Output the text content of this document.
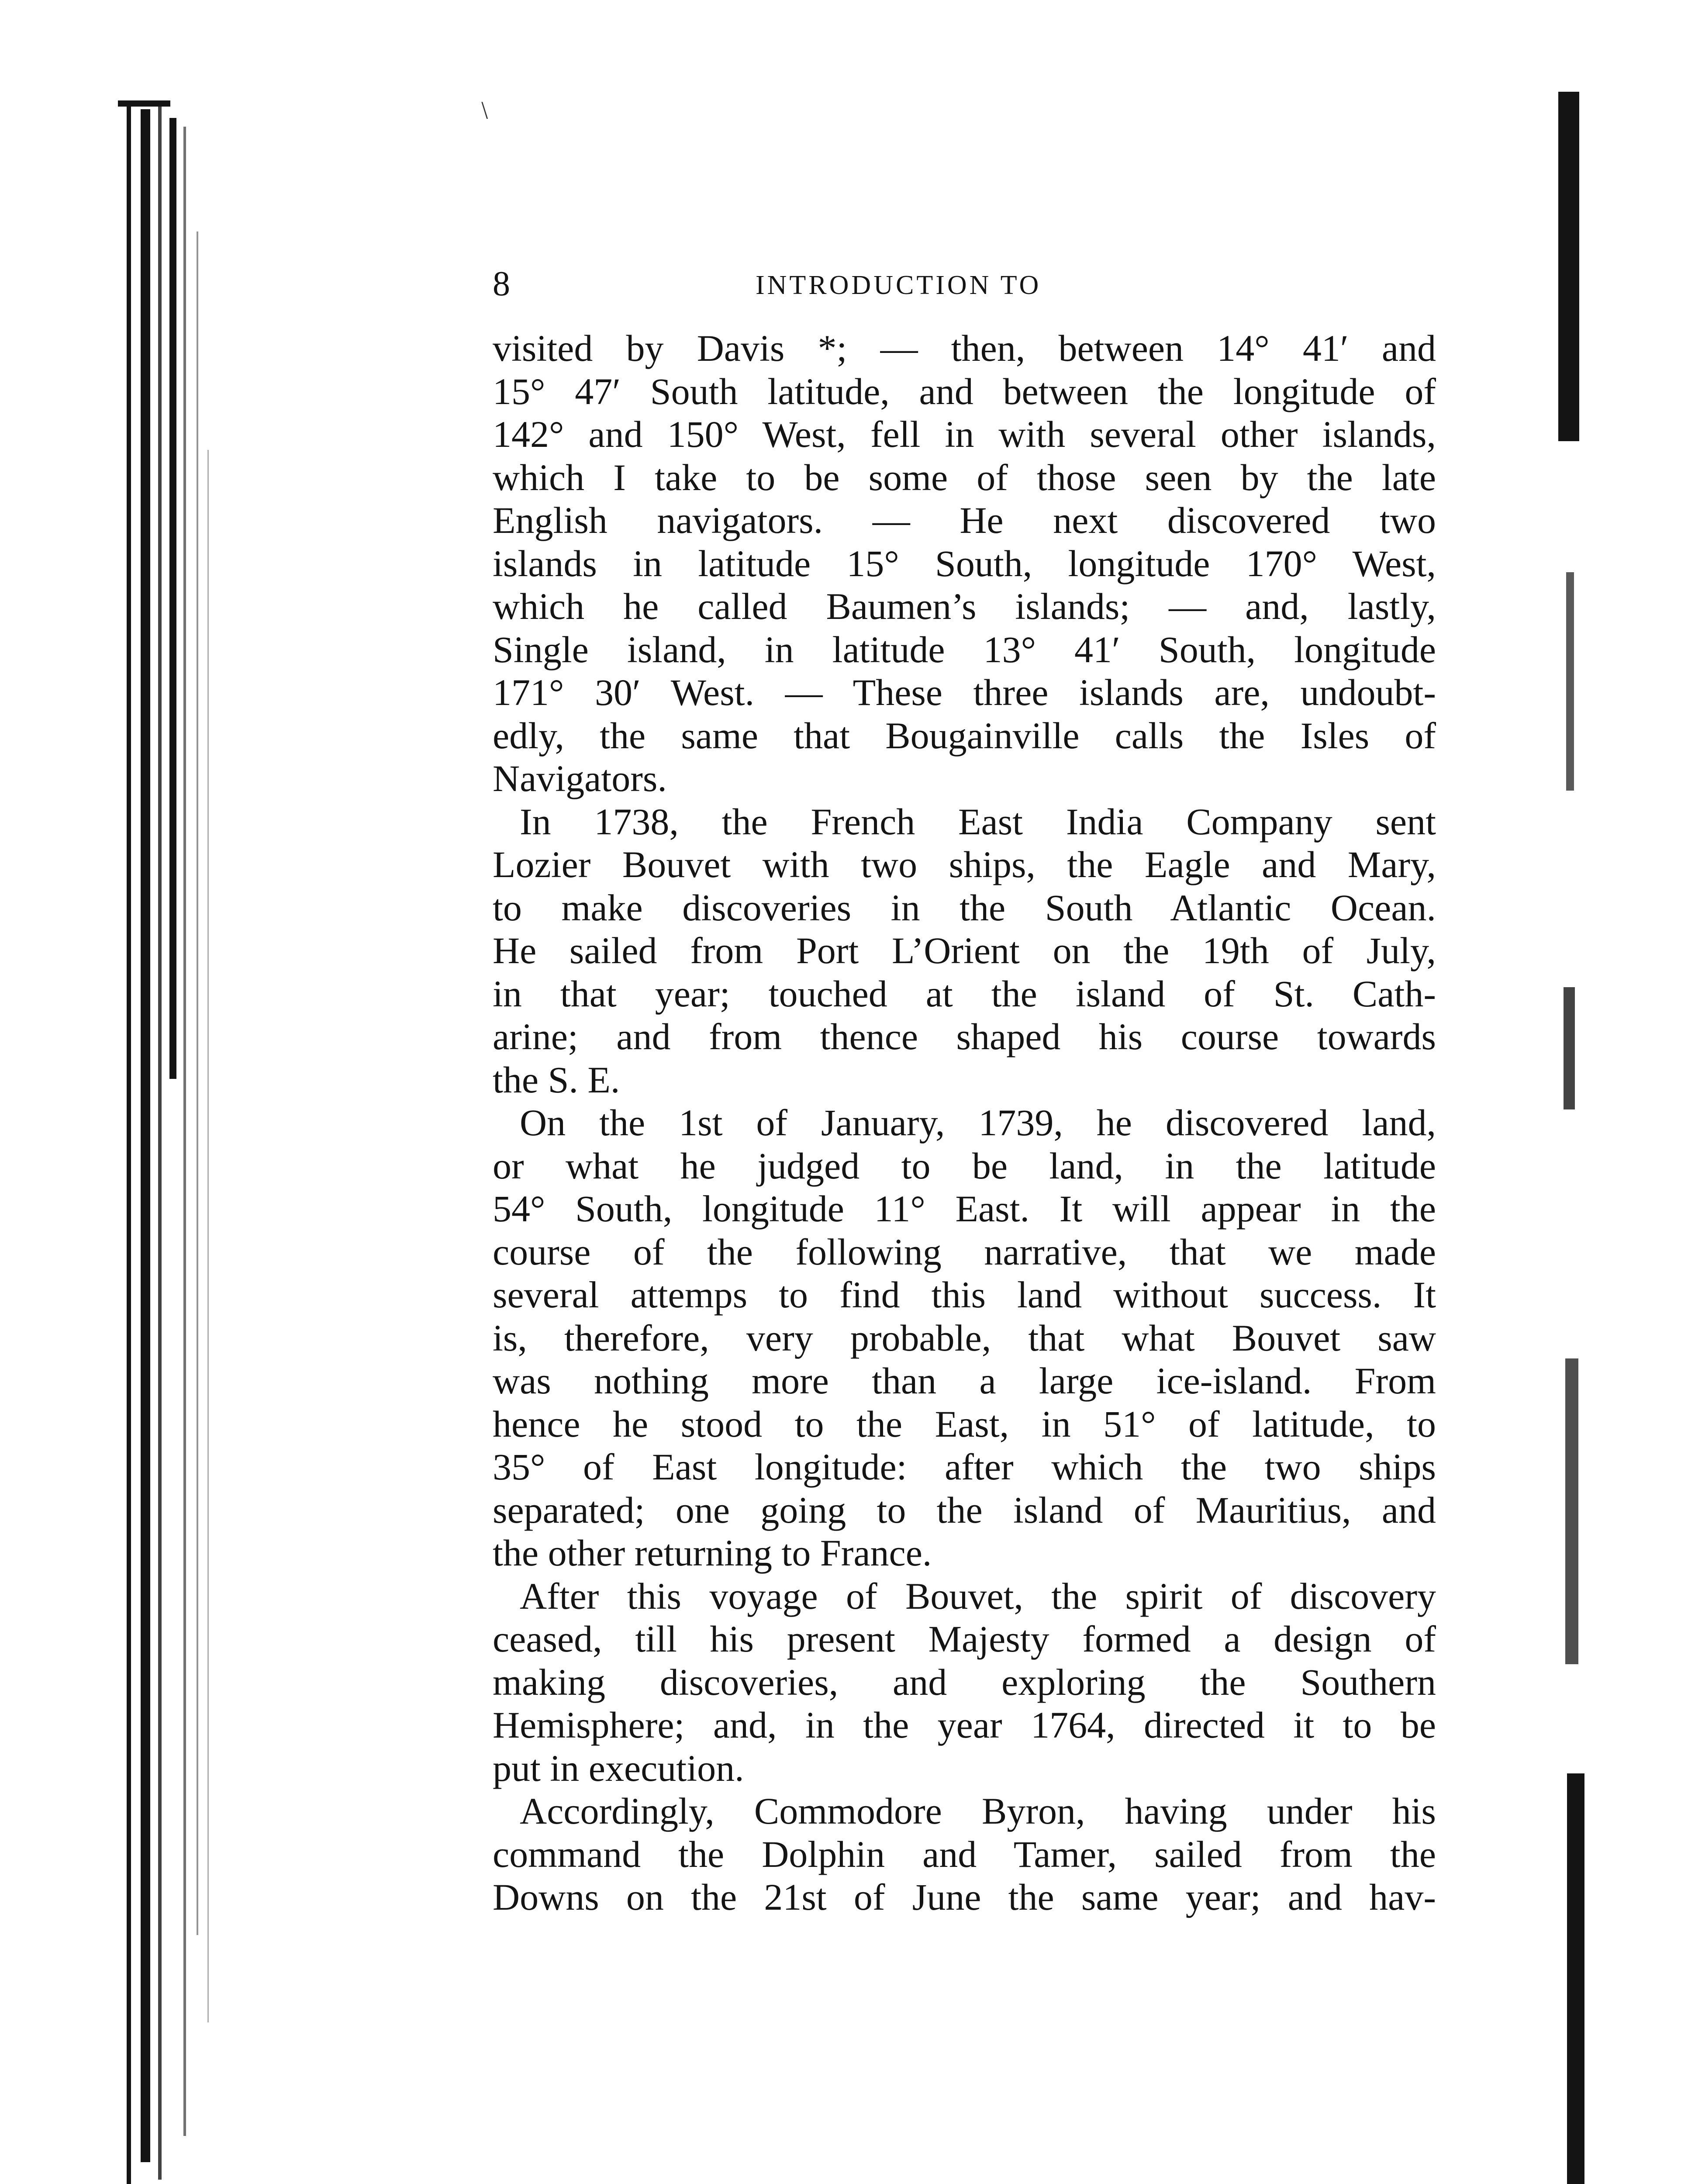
﹨
8	INTRODUCTION TO
visited by Davis *; — then, between 14° 41′ and
15° 47′ South latitude, and between the longitude of
142° and 150° West, fell in with several other islands,
which I take to be some of those seen by the late
English navigators. — He next discovered two
islands in latitude 15° South, longitude 170° West,
which he called Baumen’s islands; — and, lastly,
Single island, in latitude 13° 41′ South, longitude
171° 30′ West. — These three islands are, undoubt-
edly, the same that Bougainville calls the Isles of
Navigators.
In 1738, the French East India Company sent
Lozier Bouvet with two ships, the Eagle and Mary,
to make discoveries in the South Atlantic Ocean.
He sailed from Port L’Orient on the 19th of July,
in that year; touched at the island of St. Cath-
arine; and from thence shaped his course towards
the S. E.
On the 1st of January, 1739, he discovered land,
or what he judged to be land, in the latitude
54° South, longitude 11° East. It will appear in the
course of the following narrative, that we made
several attemps to find this land without success. It
is, therefore, very probable, that what Bouvet saw
was nothing more than a large ice-island. From
hence he stood to the East, in 51° of latitude, to
35° of East longitude: after which the two ships
separated; one going to the island of Mauritius, and
the other returning to France.
After this voyage of Bouvet, the spirit of discovery
ceased, till his present Majesty formed a design of
making discoveries, and exploring the Southern
Hemisphere; and, in the year 1764, directed it to be
put in execution.
Accordingly, Commodore Byron, having under his
command the Dolphin and Tamer, sailed from the
Downs on the 21st of June the same year; and hav-
